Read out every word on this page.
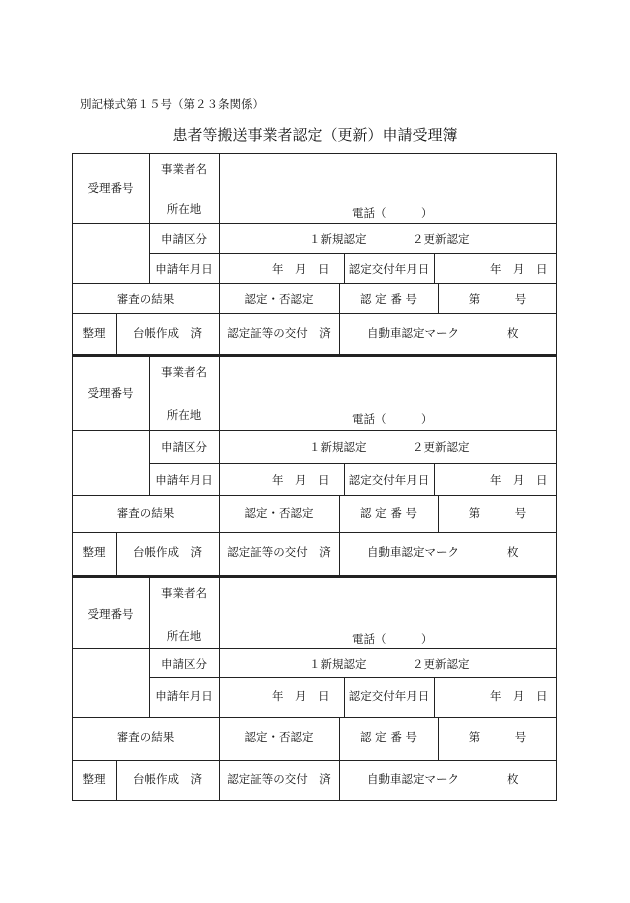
別記様式第１５号（第２３条関係）
患者等搬送事業者認定（更新）申請受理簿
受理番号
事業者名
所在地	電話（　　　）
申請区分	１新規認定	２更新認定
申請年月日	年　月　日	認定交付年月日	年　月　日
審査の結果	認定・否認定	認 定 番 号	第　　　号
整理	台帳作成　済	認定証等の交付　済	自動車認定マーク	枚
受理番号
事業者名
所在地	電話（　　　）
申請区分	１新規認定	２更新認定
申請年月日	年　月　日	認定交付年月日	年　月　日
審査の結果	認定・否認定	認 定 番 号	第　　　号
整理	台帳作成　済	認定証等の交付　済	自動車認定マーク	枚
受理番号
事業者名
所在地	電話（　　　）
申請区分	１新規認定	２更新認定
申請年月日	年　月　日	認定交付年月日	年　月　日
審査の結果	認定・否認定	認 定 番 号	第　　　号
整理	台帳作成　済	認定証等の交付　済	自動車認定マーク	枚
